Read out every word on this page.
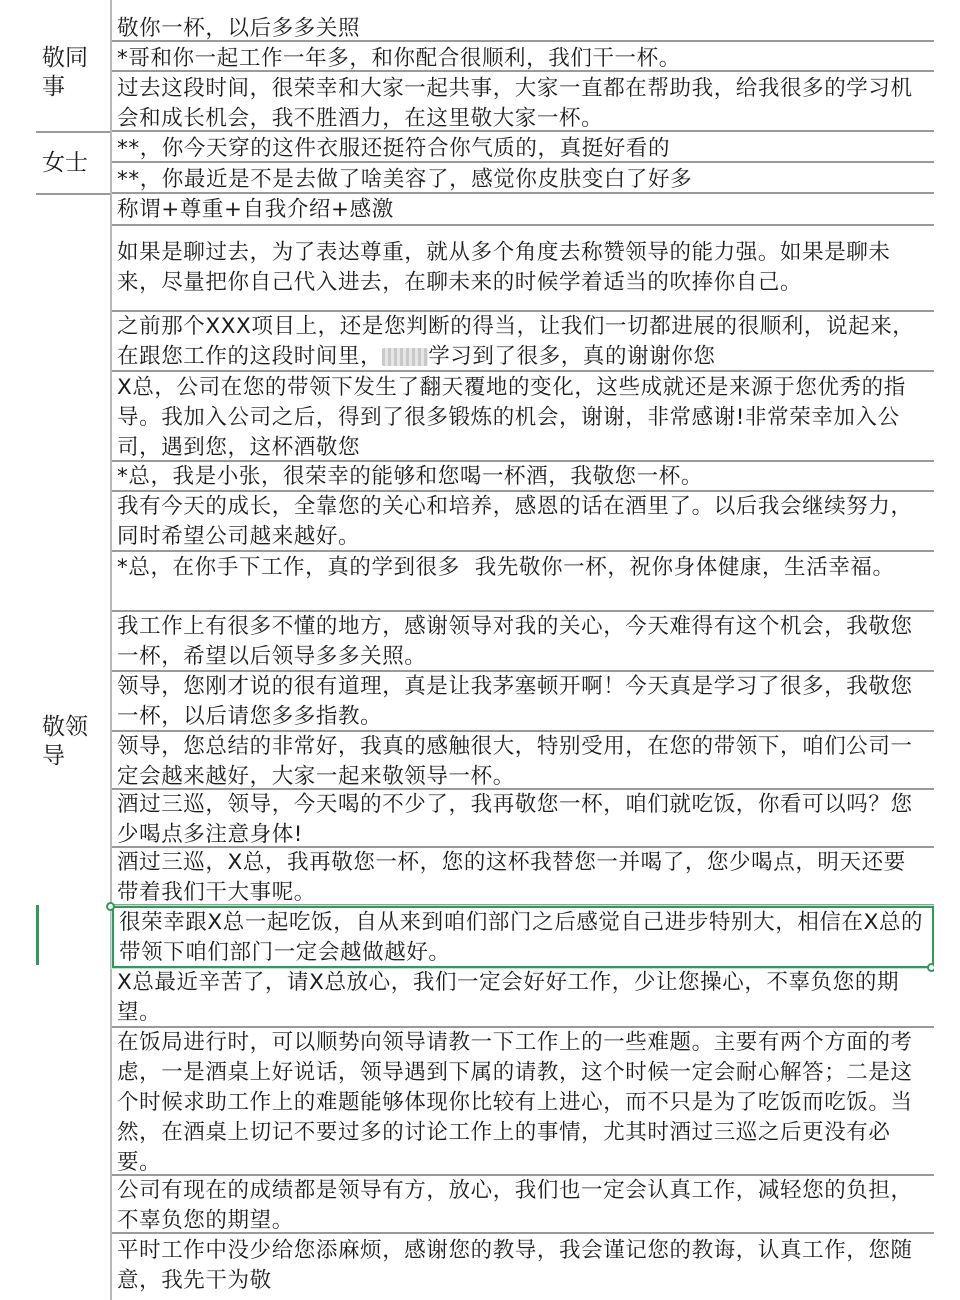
敬同
事
女士
敬领
导
敬你一杯，以后多多关照
*哥和你一起工作一年多，和你配合很顺利，我们干一杯。
过去这段时间，很荣幸和大家一起共事，大家一直都在帮助我，给我很多的学习机会和成长机会，我不胜酒力，在这里敬大家一杯。
**，你今天穿的这件衣服还挺符合你气质的，真挺好看的
**，你最近是不是去做了啥美容了，感觉你皮肤变白了好多
称谓+尊重+自我介绍+感激
如果是聊过去，为了表达尊重，就从多个角度去称赞领导的能力强。如果是聊未来，尽量把你自己代入进去，在聊未来的时候学着适当的吹捧你自己。
之前那个XXX项目上，还是您判断的得当，让我们一切都进展的很顺利，说起来，在跟您工作的这段时间里， 学习到了很多，真的谢谢你您
X总，公司在您的带领下发生了翻天覆地的变化，这些成就还是来源于您优秀的指导。我加入公司之后，得到了很多锻炼的机会，谢谢，非常感谢!非常荣幸加入公司，遇到您，这杯酒敬您
*总，我是小张，很荣幸的能够和您喝一杯酒，我敬您一杯。
我有今天的成长，全靠您的关心和培养，感恩的话在酒里了。以后我会继续努力，同时希望公司越来越好。
*总，在你手下工作，真的学到很多  我先敬你一杯，祝你身体健康，生活幸福。
我工作上有很多不懂的地方，感谢领导对我的关心，今天难得有这个机会，我敬您一杯，希望以后领导多多关照。
领导，您刚才说的很有道理，真是让我茅塞顿开啊！今天真是学习了很多，我敬您一杯，以后请您多多指教。
领导，您总结的非常好，我真的感触很大，特别受用，在您的带领下，咱们公司一定会越来越好，大家一起来敬领导一杯。
酒过三巡，领导，今天喝的不少了，我再敬您一杯，咱们就吃饭，你看可以吗？您少喝点多注意身体!
酒过三巡，X总，我再敬您一杯，您的这杯我替您一并喝了，您少喝点，明天还要带着我们干大事呢。
很荣幸跟X总一起吃饭，自从来到咱们部门之后感觉自己进步特别大，相信在X总的带领下咱们部门一定会越做越好。
X总最近辛苦了，请X总放心，我们一定会好好工作，少让您操心，不辜负您的期望。
在饭局进行时，可以顺势向领导请教一下工作上的一些难题。主要有两个方面的考虑，一是酒桌上好说话，领导遇到下属的请教，这个时候一定会耐心解答；二是这个时候求助工作上的难题能够体现你比较有上进心，而不只是为了吃饭而吃饭。当然，在酒桌上切记不要过多的讨论工作上的事情，尤其时酒过三巡之后更没有必要。
公司有现在的成绩都是领导有方，放心，我们也一定会认真工作，减轻您的负担，不辜负您的期望。
平时工作中没少给您添麻烦，感谢您的教导，我会谨记您的教诲，认真工作，您随意，我先干为敬
